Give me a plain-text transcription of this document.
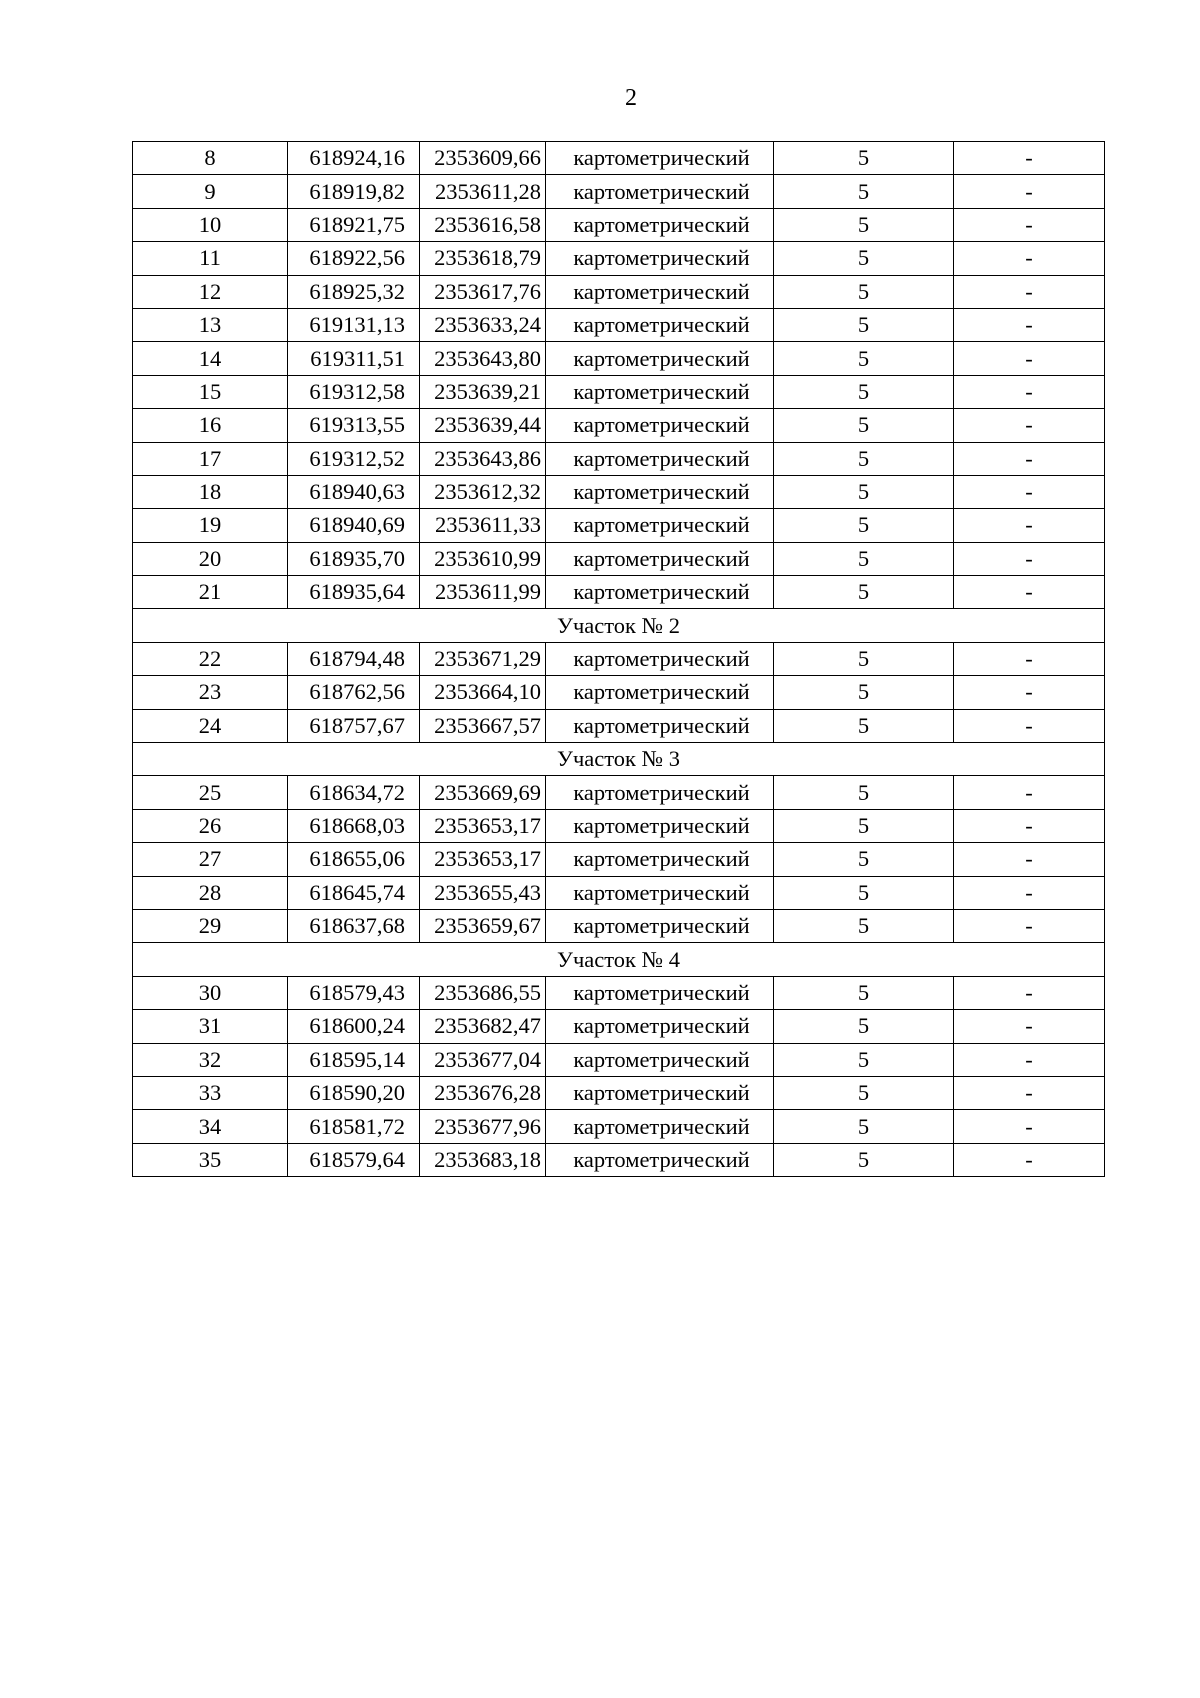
2
8	618924,16	2353609,66	картометрический	5	-
9	618919,82	2353611,28	картометрический	5	-
10	618921,75	2353616,58	картометрический	5	-
11	618922,56	2353618,79	картометрический	5	-
12	618925,32	2353617,76	картометрический	5	-
13	619131,13	2353633,24	картометрический	5	-
14	619311,51	2353643,80	картометрический	5	-
15	619312,58	2353639,21	картометрический	5	-
16	619313,55	2353639,44	картометрический	5	-
17	619312,52	2353643,86	картометрический	5	-
18	618940,63	2353612,32	картометрический	5	-
19	618940,69	2353611,33	картометрический	5	-
20	618935,70	2353610,99	картометрический	5	-
21	618935,64	2353611,99	картометрический	5	-
Участок № 2					
22	618794,48	2353671,29	картометрический	5	-
23	618762,56	2353664,10	картометрический	5	-
24	618757,67	2353667,57	картометрический	5	-
Участок № 3					
25	618634,72	2353669,69	картометрический	5	-
26	618668,03	2353653,17	картометрический	5	-
27	618655,06	2353653,17	картометрический	5	-
28	618645,74	2353655,43	картометрический	5	-
29	618637,68	2353659,67	картометрический	5	-
Участок № 4					
30	618579,43	2353686,55	картометрический	5	-
31	618600,24	2353682,47	картометрический	5	-
32	618595,14	2353677,04	картометрический	5	-
33	618590,20	2353676,28	картометрический	5	-
34	618581,72	2353677,96	картометрический	5	-
35	618579,64	2353683,18	картометрический	5	-
